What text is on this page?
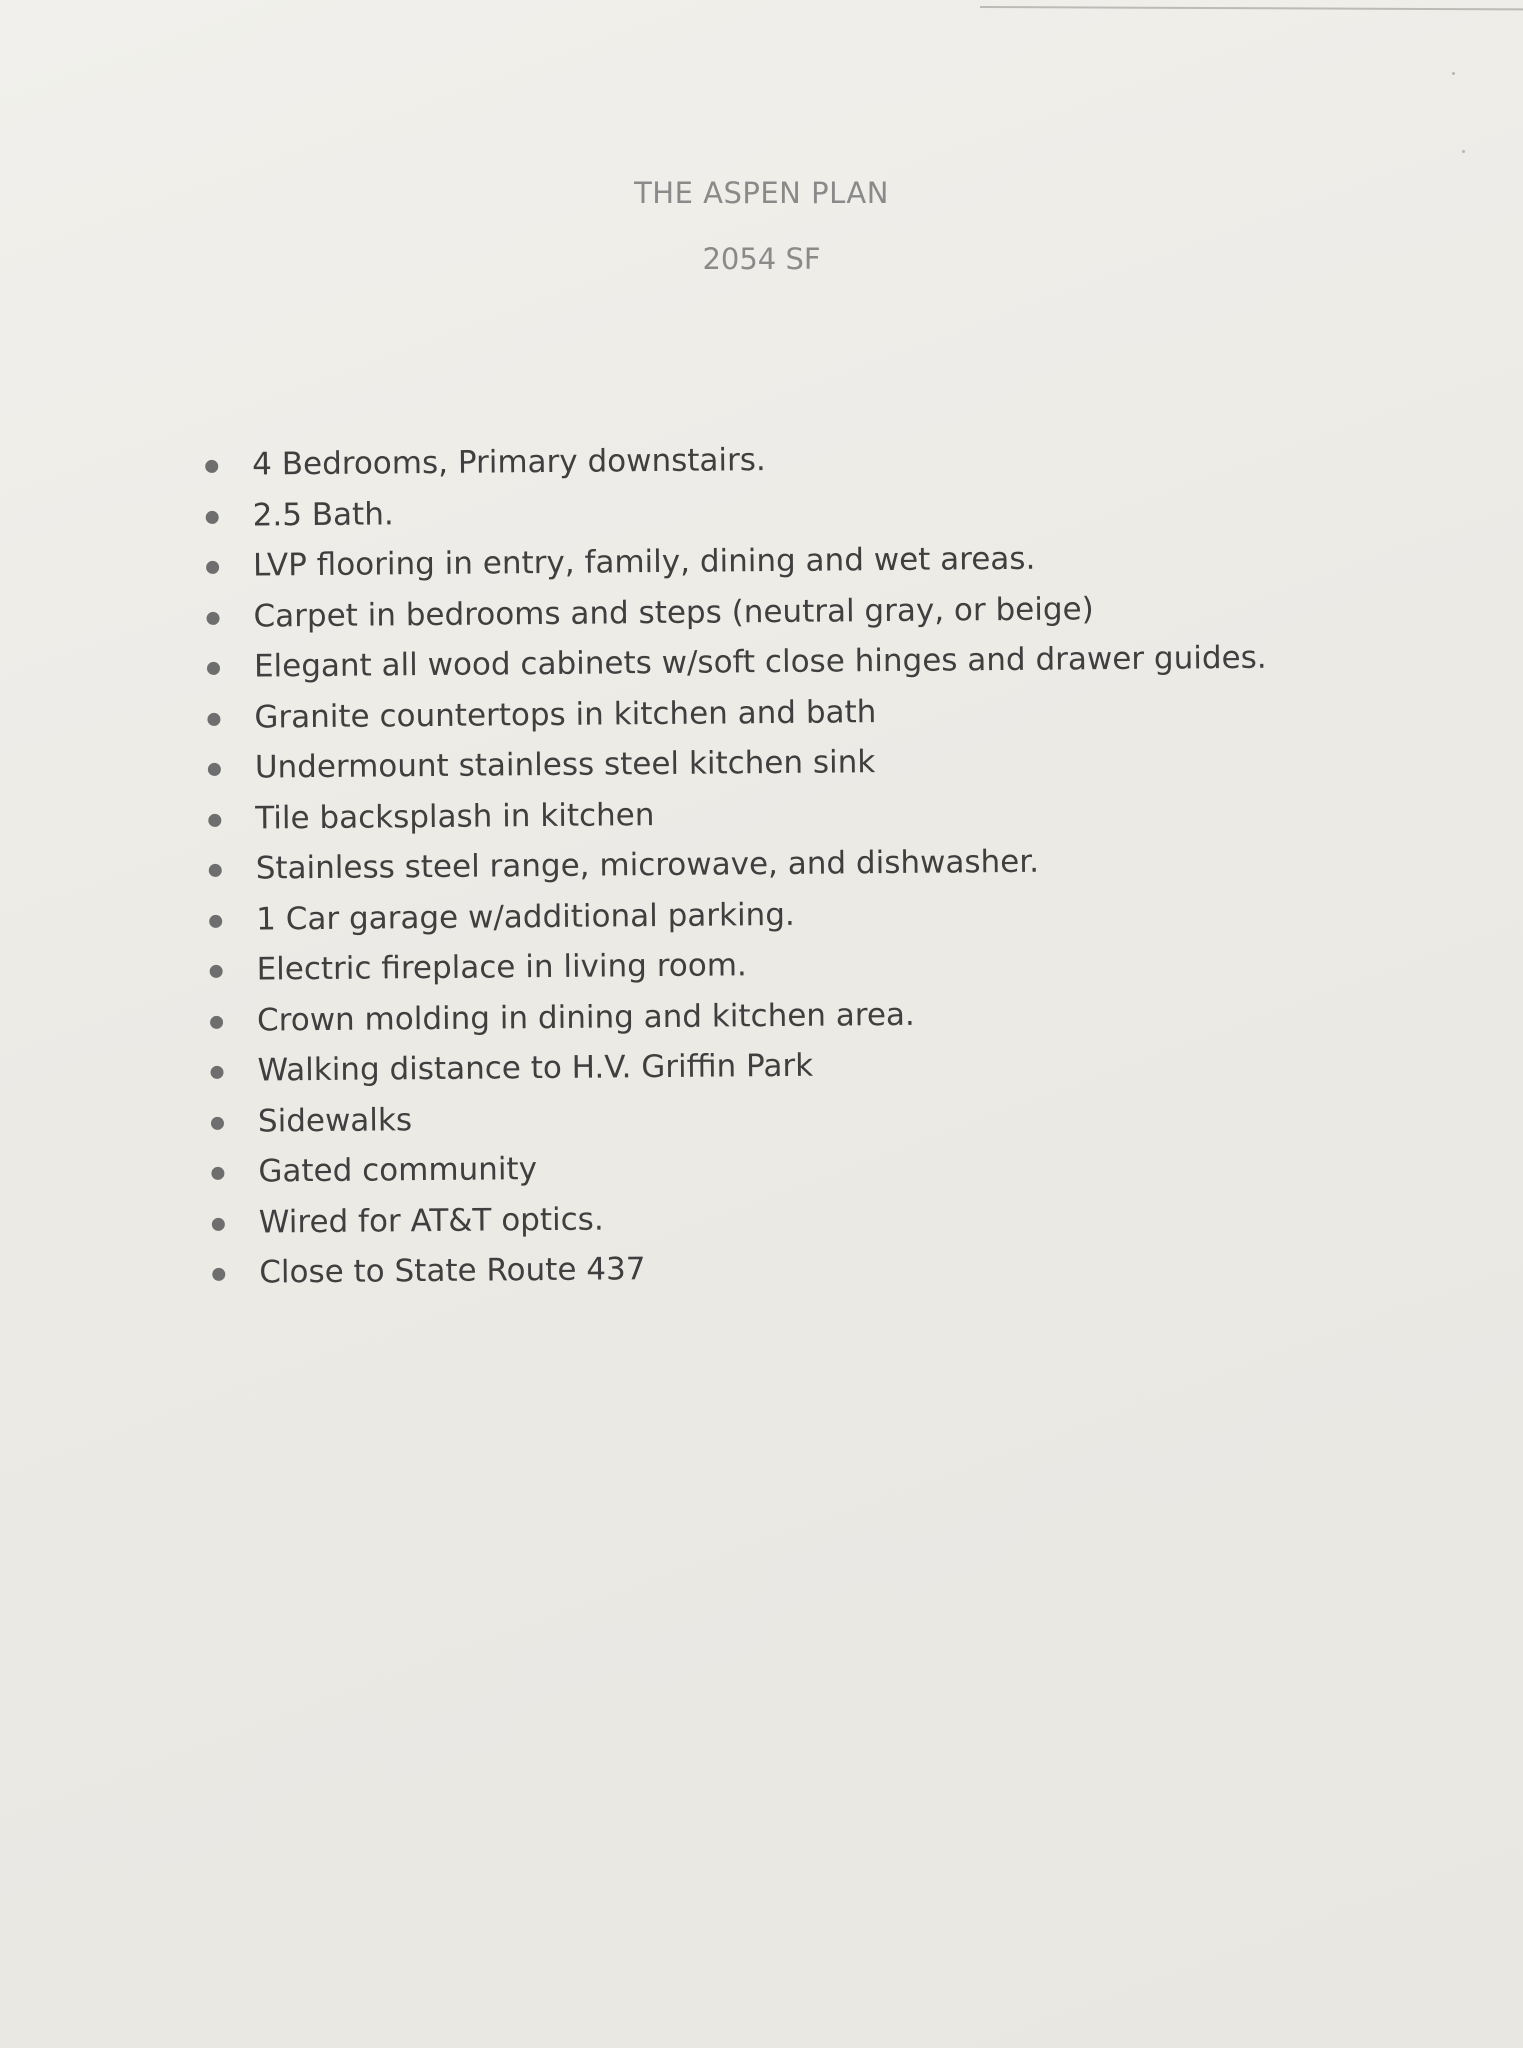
THE ASPEN PLAN
2054 SF
4 Bedrooms, Primary downstairs.
2.5 Bath.
LVP flooring in entry, family, dining and wet areas.
Carpet in bedrooms and steps (neutral gray, or beige)
Elegant all wood cabinets w/soft close hinges and drawer guides.
Granite countertops in kitchen and bath
Undermount stainless steel kitchen sink
Tile backsplash in kitchen
Stainless steel range, microwave, and dishwasher.
1 Car garage w/additional parking.
Electric fireplace in living room.
Crown molding in dining and kitchen area.
Walking distance to H.V. Griffin Park
Sidewalks
Gated community
Wired for AT&T optics.
Close to State Route 437
